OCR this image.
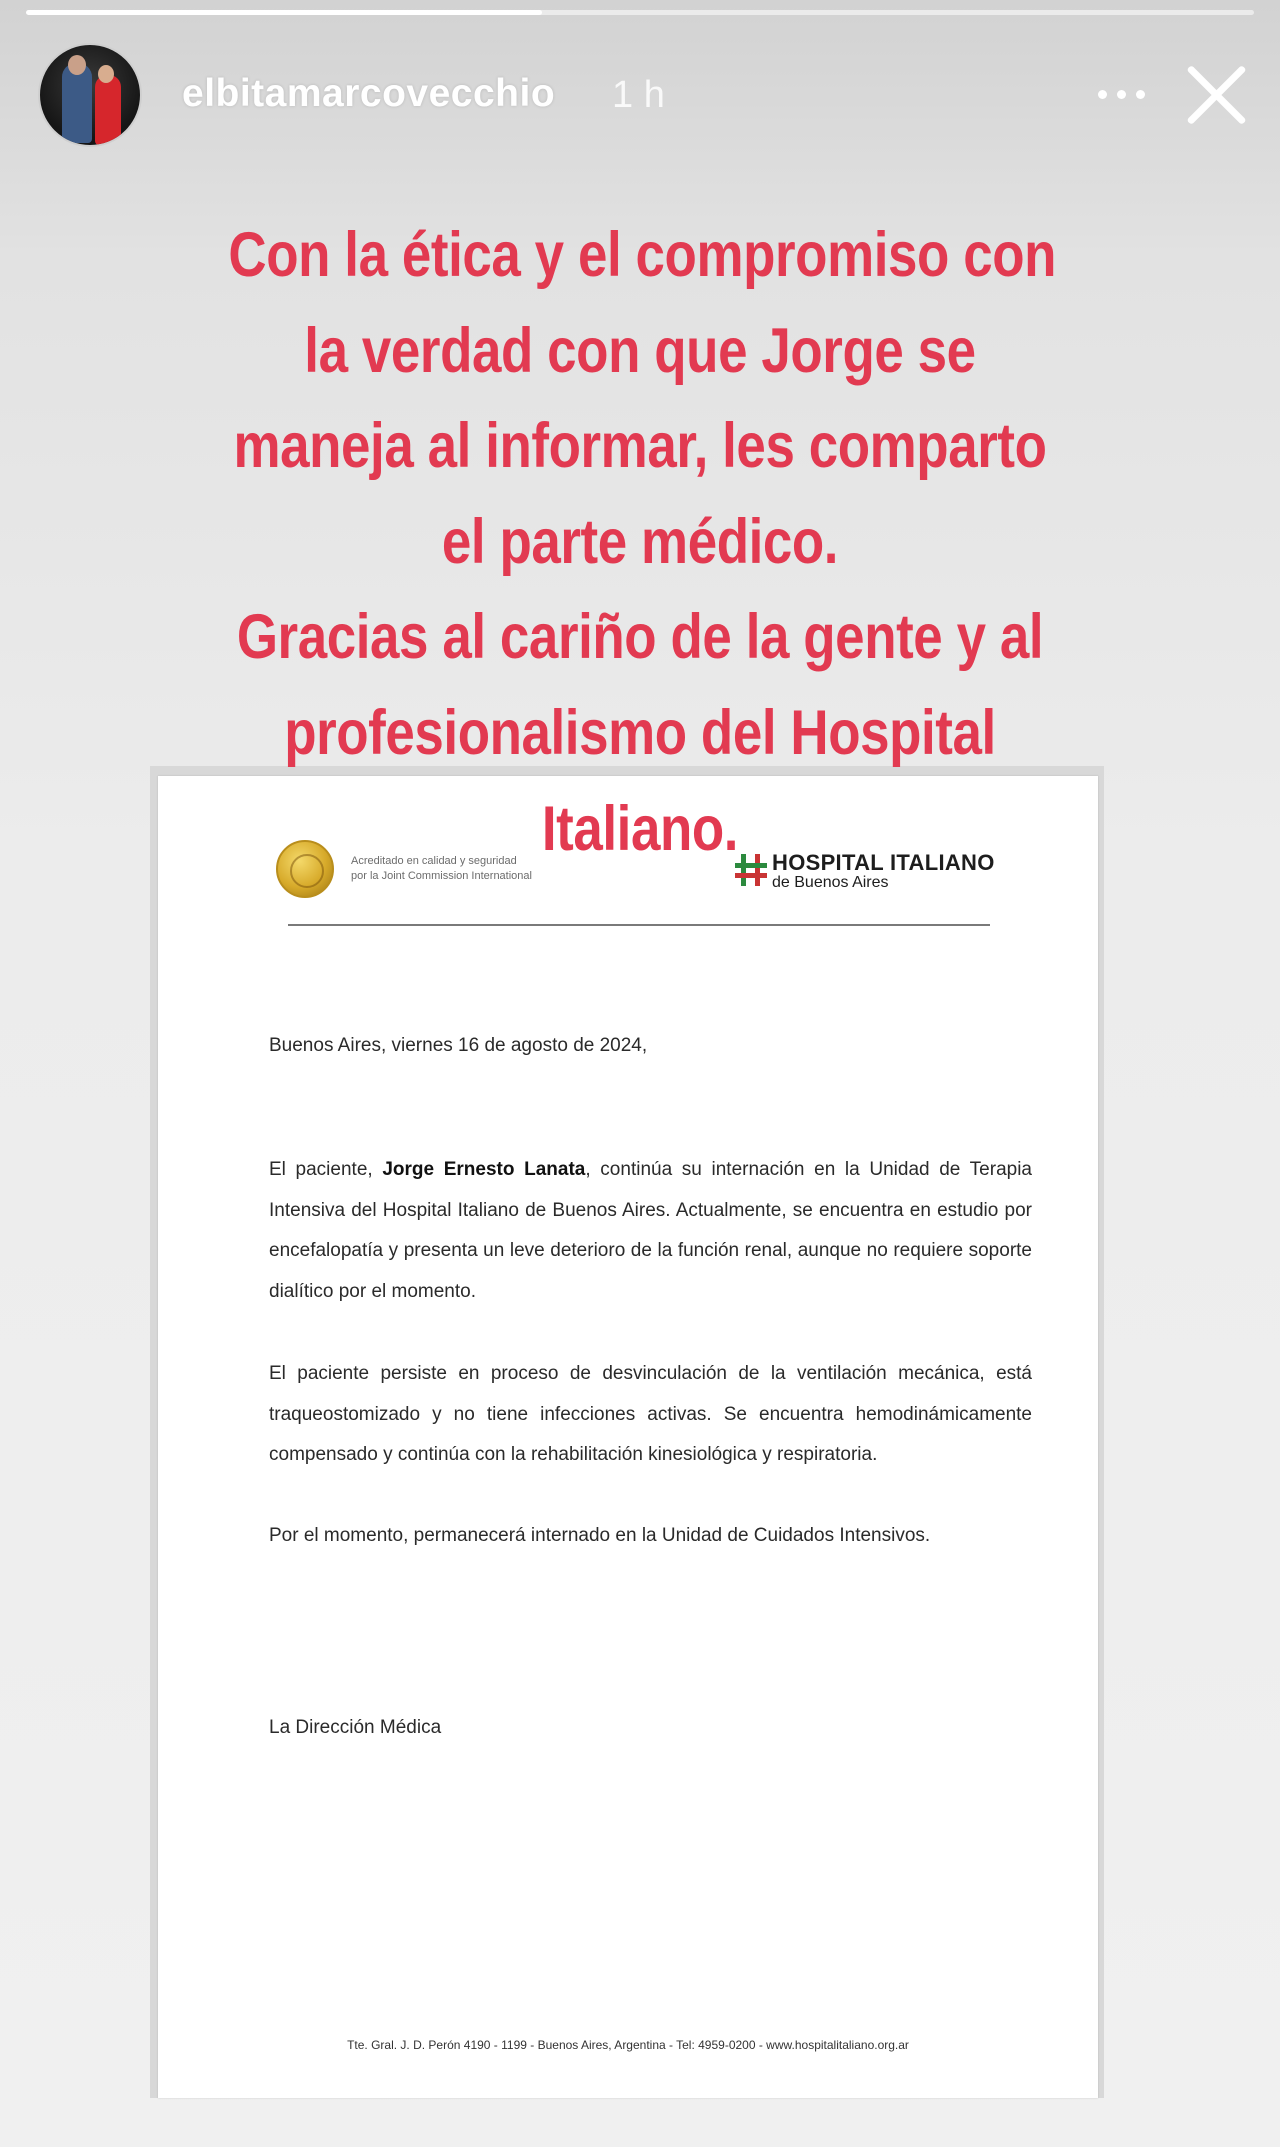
elbitamarcovecchio 1 h
Acreditado en calidad y seguridad
por la Joint Commission International
HOSPITAL ITALIANO
de Buenos Aires
Buenos Aires, viernes 16 de agosto de 2024,
El paciente, Jorge Ernesto Lanata, continúa su internación en la Unidad de Terapia Intensiva del Hospital Italiano de Buenos Aires. Actualmente, se encuentra en estudio por encefalopatía y presenta un leve deterioro de la función renal, aunque no requiere soporte dialítico por el momento.
El paciente persiste en proceso de desvinculación de la ventilación mecánica, está traqueostomizado y no tiene infecciones activas. Se encuentra hemodinámicamente compensado y continúa con la rehabilitación kinesiológica y respiratoria.
Por el momento, permanecerá internado en la Unidad de Cuidados Intensivos.
La Dirección Médica
Tte. Gral. J. D. Perón 4190 - 1199 - Buenos Aires, Argentina - Tel: 4959-0200 - www.hospitalitaliano.org.ar
Con la ética y el compromiso con
la verdad con que Jorge se
maneja al informar, les comparto
el parte médico.
Gracias al cariño de la gente y al
profesionalismo del Hospital
Italiano.
